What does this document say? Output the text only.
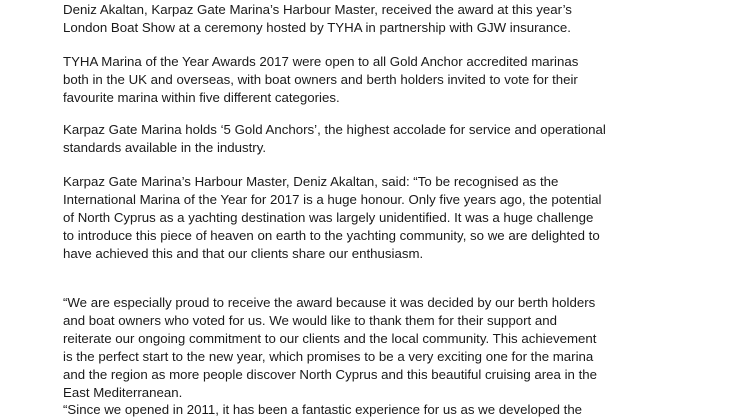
Deniz Akaltan, Karpaz Gate Marina’s Harbour Master, received the award at this year’s
London Boat Show at a ceremony hosted by TYHA in partnership with GJW insurance.

TYHA Marina of the Year Awards 2017 were open to all Gold Anchor accredited marinas
both in the UK and overseas, with boat owners and berth holders invited to vote for their
favourite marina within five different categories.

Karpaz Gate Marina holds ‘5 Gold Anchors’, the highest accolade for service and operational
standards available in the industry.

Karpaz Gate Marina’s Harbour Master, Deniz Akaltan, said: “To be recognised as the
International Marina of the Year for 2017 is a huge honour. Only five years ago, the potential
of North Cyprus as a yachting destination was largely unidentified. It was a huge challenge
to introduce this piece of heaven on earth to the yachting community, so we are delighted to
have achieved this and that our clients share our enthusiasm.

“We are especially proud to receive the award because it was decided by our berth holders
and boat owners who voted for us. We would like to thank them for their support and
reiterate our ongoing commitment to our clients and the local community. This achievement
is the perfect start to the new year, which promises to be a very exciting one for the marina
and the region as more people discover North Cyprus and this beautiful cruising area in the
East Mediterranean.

“Since we opened in 2011, it has been a fantastic experience for us as we developed the
